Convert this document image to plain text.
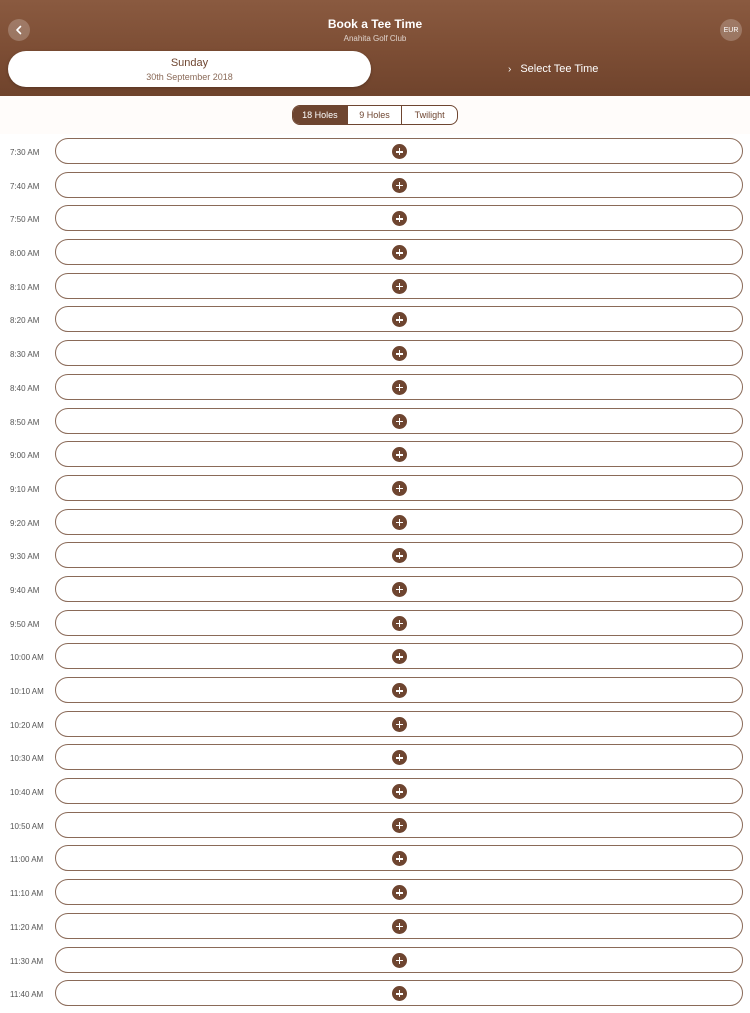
Book a Tee Time
Anahita Golf Club
EUR
Sunday
30th September 2018
› Select Tee Time
18 Holes	9 Holes	Twilight
7:30 AM
7:40 AM
7:50 AM
8:00 AM
8:10 AM
8:20 AM
8:30 AM
8:40 AM
8:50 AM
9:00 AM
9:10 AM
9:20 AM
9:30 AM
9:40 AM
9:50 AM
10:00 AM
10:10 AM
10:20 AM
10:30 AM
10:40 AM
10:50 AM
11:00 AM
11:10 AM
11:20 AM
11:30 AM
11:40 AM
